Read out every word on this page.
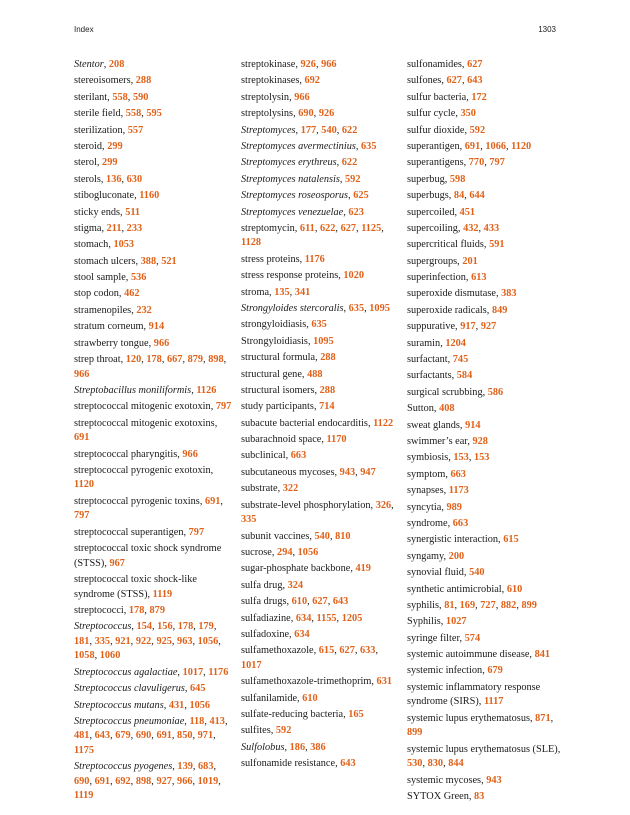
Index	1303
Stentor, 208
stereoisomers, 288
sterilant, 558, 590
sterile field, 558, 595
sterilization, 557
steroid, 299
sterol, 299
sterols, 136, 630
stibogluconate, 1160
sticky ends, 511
stigma, 211, 233
stomach, 1053
stomach ulcers, 388, 521
stool sample, 536
stop codon, 462
stramenopiles, 232
stratum corneum, 914
strawberry tongue, 966
strep throat, 120, 178, 667, 879, 898, 966
Streptobacillus moniliformis, 1126
streptococcal mitogenic exotoxin, 797
streptococcal mitogenic exotoxins, 691
streptococcal pharyngitis, 966
streptococcal pyrogenic exotoxin, 1120
streptococcal pyrogenic toxins, 691, 797
streptococcal superantigen, 797
streptococcal toxic shock syndrome (STSS), 967
streptococcal toxic shock-like syndrome (STSS), 1119
streptococci, 178, 879
Streptococcus, 154, 156, 178, 179, 181, 335, 921, 922, 925, 963, 1056, 1058, 1060
Streptococcus agalactiae, 1017, 1176
Streptococcus clavuligerus, 645
Streptococcus mutans, 431, 1056
Streptococcus pneumoniae, 118, 413, 481, 643, 679, 690, 691, 850, 971, 1175
Streptococcus pyogenes, 139, 683, 690, 691, 692, 898, 927, 966, 1019, 1119
streptokinase, 926, 966
streptokinases, 692
streptolysin, 966
streptolysins, 690, 926
Streptomyces, 177, 540, 622
Streptomyces avermectinius, 635
Streptomyces erythreus, 622
Streptomyces natalensis, 592
Streptomyces roseosporus, 625
Streptomyces venezuelae, 623
streptomycin, 611, 622, 627, 1125, 1128
stress proteins, 1176
stress response proteins, 1020
stroma, 135, 341
Strongyloides stercoralis, 635, 1095
strongyloidiasis, 635
Strongyloidiasis, 1095
structural formula, 288
structural gene, 488
structural isomers, 288
study participants, 714
subacute bacterial endocarditis, 1122
subarachnoid space, 1170
subclinical, 663
subcutaneous mycoses, 943, 947
substrate, 322
substrate-level phosphorylation, 326, 335
subunit vaccines, 540, 810
sucrose, 294, 1056
sugar-phosphate backbone, 419
sulfa drug, 324
sulfa drugs, 610, 627, 643
sulfadiazine, 634, 1155, 1205
sulfadoxine, 634
sulfamethoxazole, 615, 627, 633, 1017
sulfamethoxazole-trimethoprim, 631
sulfanilamide, 610
sulfate-reducing bacteria, 165
sulfites, 592
Sulfolobus, 186, 386
sulfonamide resistance, 643
sulfonamides, 627
sulfones, 627, 643
sulfur bacteria, 172
sulfur cycle, 350
sulfur dioxide, 592
superantigen, 691, 1066, 1120
superantigens, 770, 797
superbug, 598
superbugs, 84, 644
supercoiled, 451
supercoiling, 432, 433
supercritical fluids, 591
supergroups, 201
superinfection, 613
superoxide dismutase, 383
superoxide radicals, 849
suppurative, 917, 927
suramin, 1204
surfactant, 745
surfactants, 584
surgical scrubbing, 586
Sutton, 408
sweat glands, 914
swimmer’s ear, 928
symbiosis, 153, 153
symptom, 663
synapses, 1173
syncytia, 989
syndrome, 663
synergistic interaction, 615
syngamy, 200
synovial fluid, 540
synthetic antimicrobial, 610
syphilis, 81, 169, 727, 882, 899
Syphilis, 1027
syringe filter, 574
systemic autoimmune disease, 841
systemic infection, 679
systemic inflammatory response syndrome (SIRS), 1117
systemic lupus erythematosus, 871, 899
systemic lupus erythematosus (SLE), 530, 830, 844
systemic mycoses, 943
SYTOX Green, 83
